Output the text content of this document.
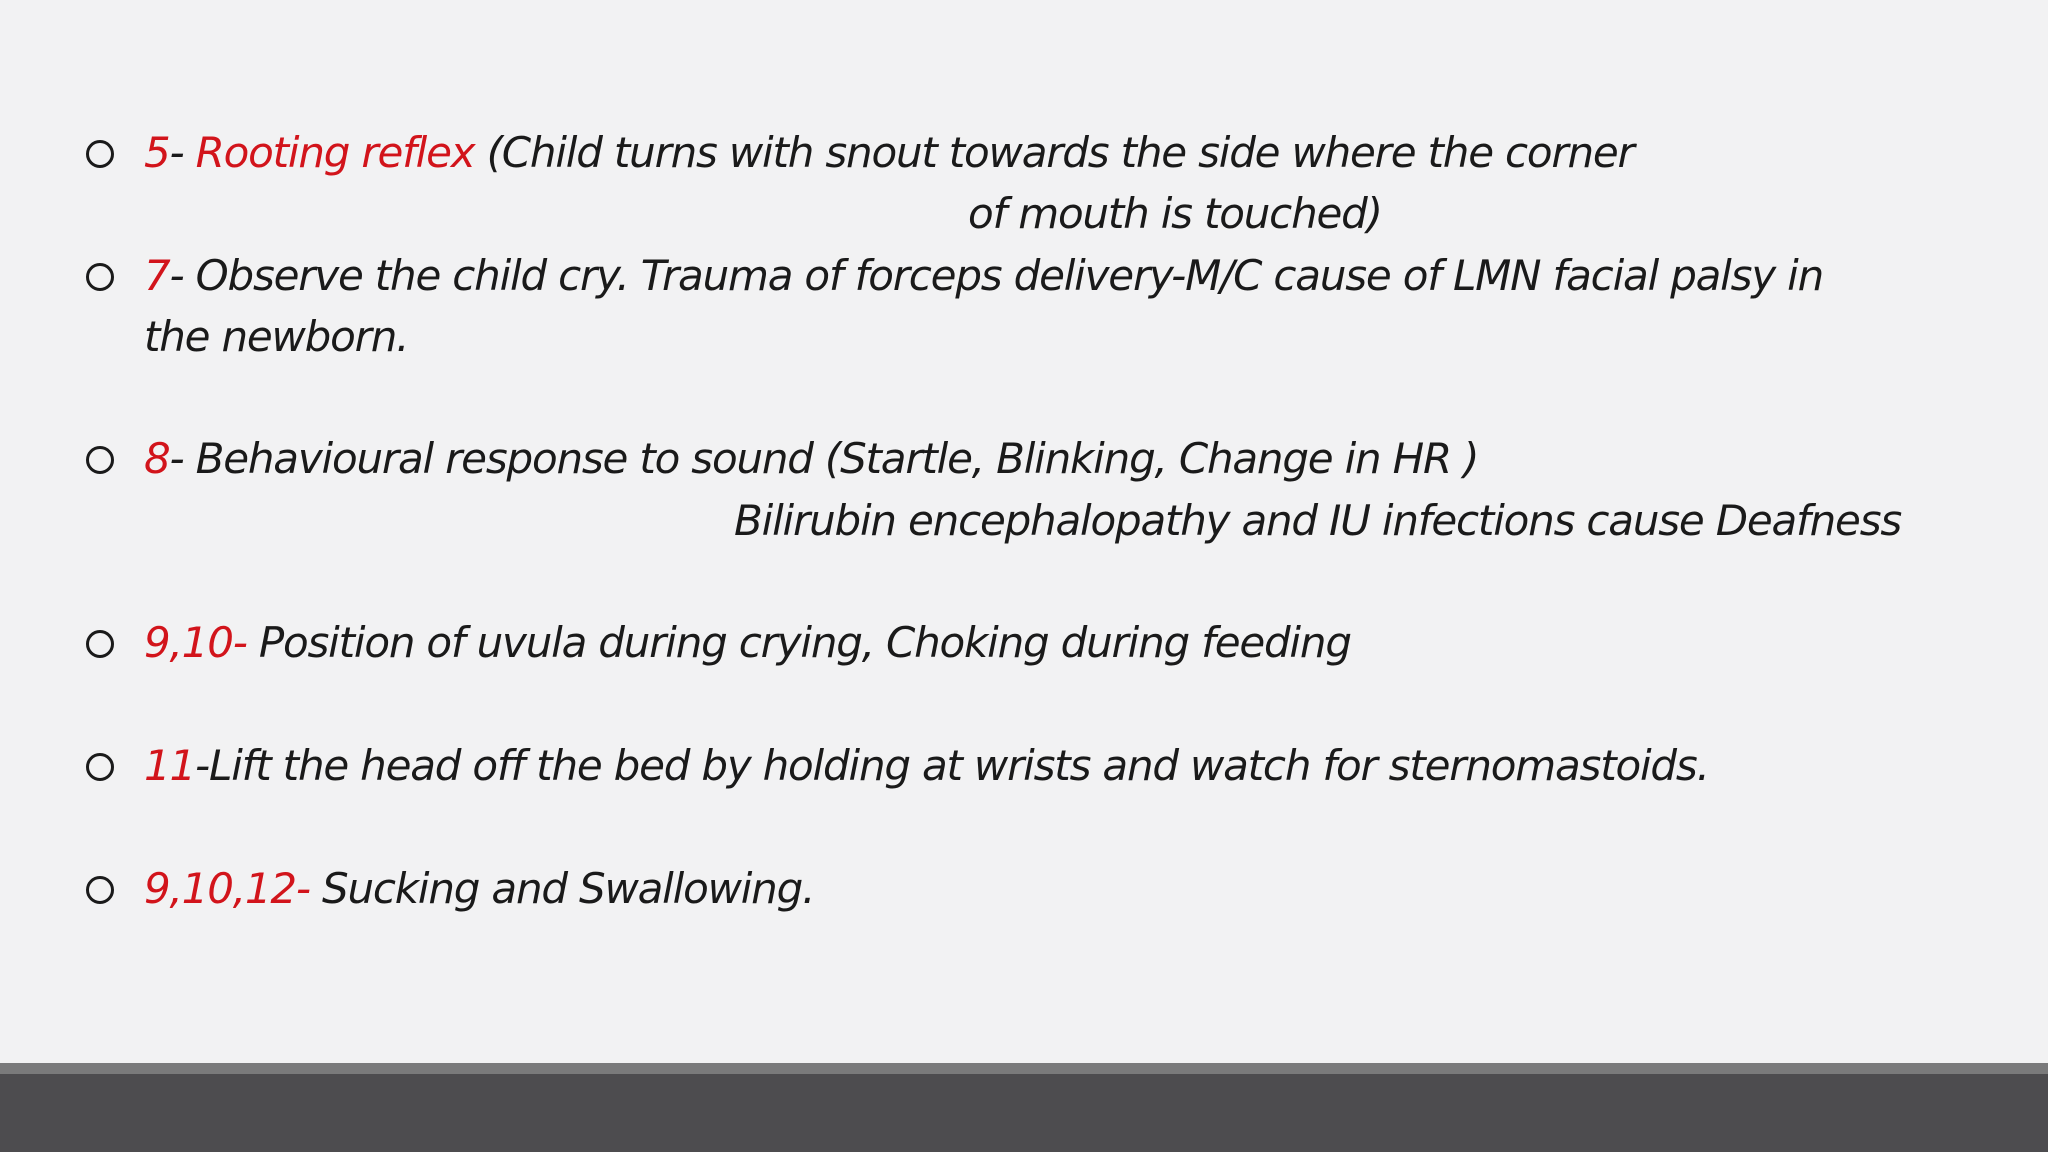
5- Rooting reflex (Child turns with snout towards the side where the corner
of mouth is touched)
7- Observe the child cry. Trauma of forceps delivery-M/C cause of LMN facial palsy in
the newborn.
8- Behavioural response to sound (Startle, Blinking, Change in HR )
Bilirubin encephalopathy and IU infections cause Deafness
9,10- Position of uvula during crying, Choking during feeding
11-Lift the head off the bed by holding at wrists and watch for sternomastoids.
9,10,12- Sucking and Swallowing.
